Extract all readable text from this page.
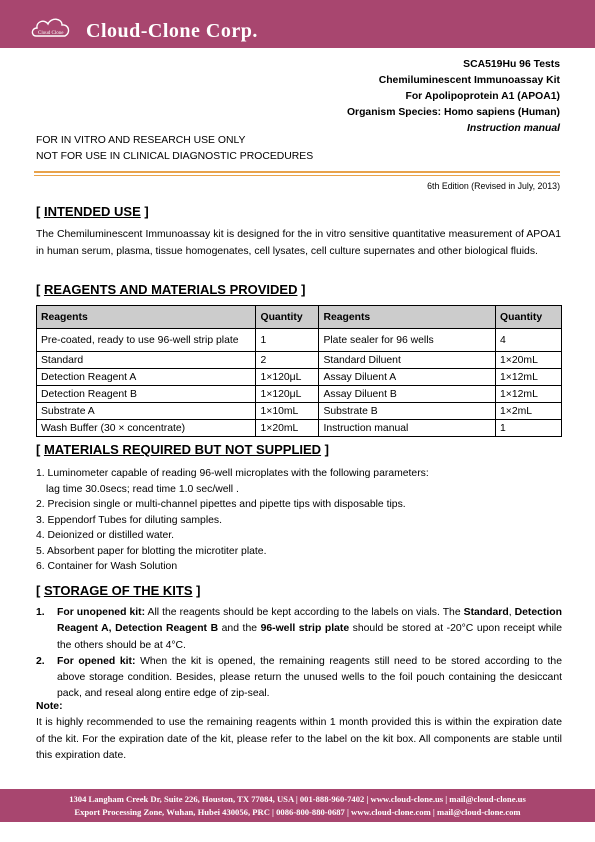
Cloud Clone Cloud-Clone Corp.
SCA519Hu 96 Tests
Chemiluminescent Immunoassay Kit
For Apolipoprotein A1 (APOA1)
Organism Species: Homo sapiens (Human)
Instruction manual
FOR IN VITRO AND RESEARCH USE ONLY
NOT FOR USE IN CLINICAL DIAGNOSTIC PROCEDURES
6th Edition (Revised in July, 2013)
[ INTENDED USE ]
The Chemiluminescent Immunoassay kit is designed for the in vitro sensitive quantitative measurement of APOA1 in human serum, plasma, tissue homogenates, cell lysates, cell culture supernates and other biological fluids.
[ REAGENTS AND MATERIALS PROVIDED ]
Reagents	Quantity	Reagents	Quantity
Pre-coated, ready to use 96-well strip plate	1	Plate sealer for 96 wells	4
Standard	2	Standard Diluent	1×20mL
Detection Reagent A	1×120μL	Assay Diluent A	1×12mL
Detection Reagent B	1×120μL	Assay Diluent B	1×12mL
Substrate A	1×10mL	Substrate B	1×2mL
Wash Buffer (30 × concentrate)	1×20mL	Instruction manual	1
[ MATERIALS REQUIRED BUT NOT SUPPLIED ]
1. Luminometer capable of reading 96-well microplates with the following parameters:
lag time 30.0secs; read time 1.0 sec/well .
2. Precision single or multi-channel pipettes and pipette tips with disposable tips.
3. Eppendorf Tubes for diluting samples.
4. Deionized or distilled water.
5. Absorbent paper for blotting the microtiter plate.
6. Container for Wash Solution
[ STORAGE OF THE KITS ]
1. For unopened kit: All the reagents should be kept according to the labels on vials. The Standard, Detection Reagent A, Detection Reagent B and the 96-well strip plate should be stored at -20°C upon receipt while the others should be at 4°C.
2. For opened kit: When the kit is opened, the remaining reagents still need to be stored according to the above storage condition. Besides, please return the unused wells to the foil pouch containing the desiccant pack, and reseal along entire edge of zip-seal.
Note:
It is highly recommended to use the remaining reagents within 1 month provided this is within the expiration date of the kit. For the expiration date of the kit, please refer to the label on the kit box. All components are stable until this expiration date.
1304 Langham Creek Dr, Suite 226, Houston, TX 77084, USA | 001-888-960-7402 | www.cloud-clone.us | mail@cloud-clone.us
Export Processing Zone, Wuhan, Hubei 430056, PRC | 0086-800-880-0687 | www.cloud-clone.com | mail@cloud-clone.com
